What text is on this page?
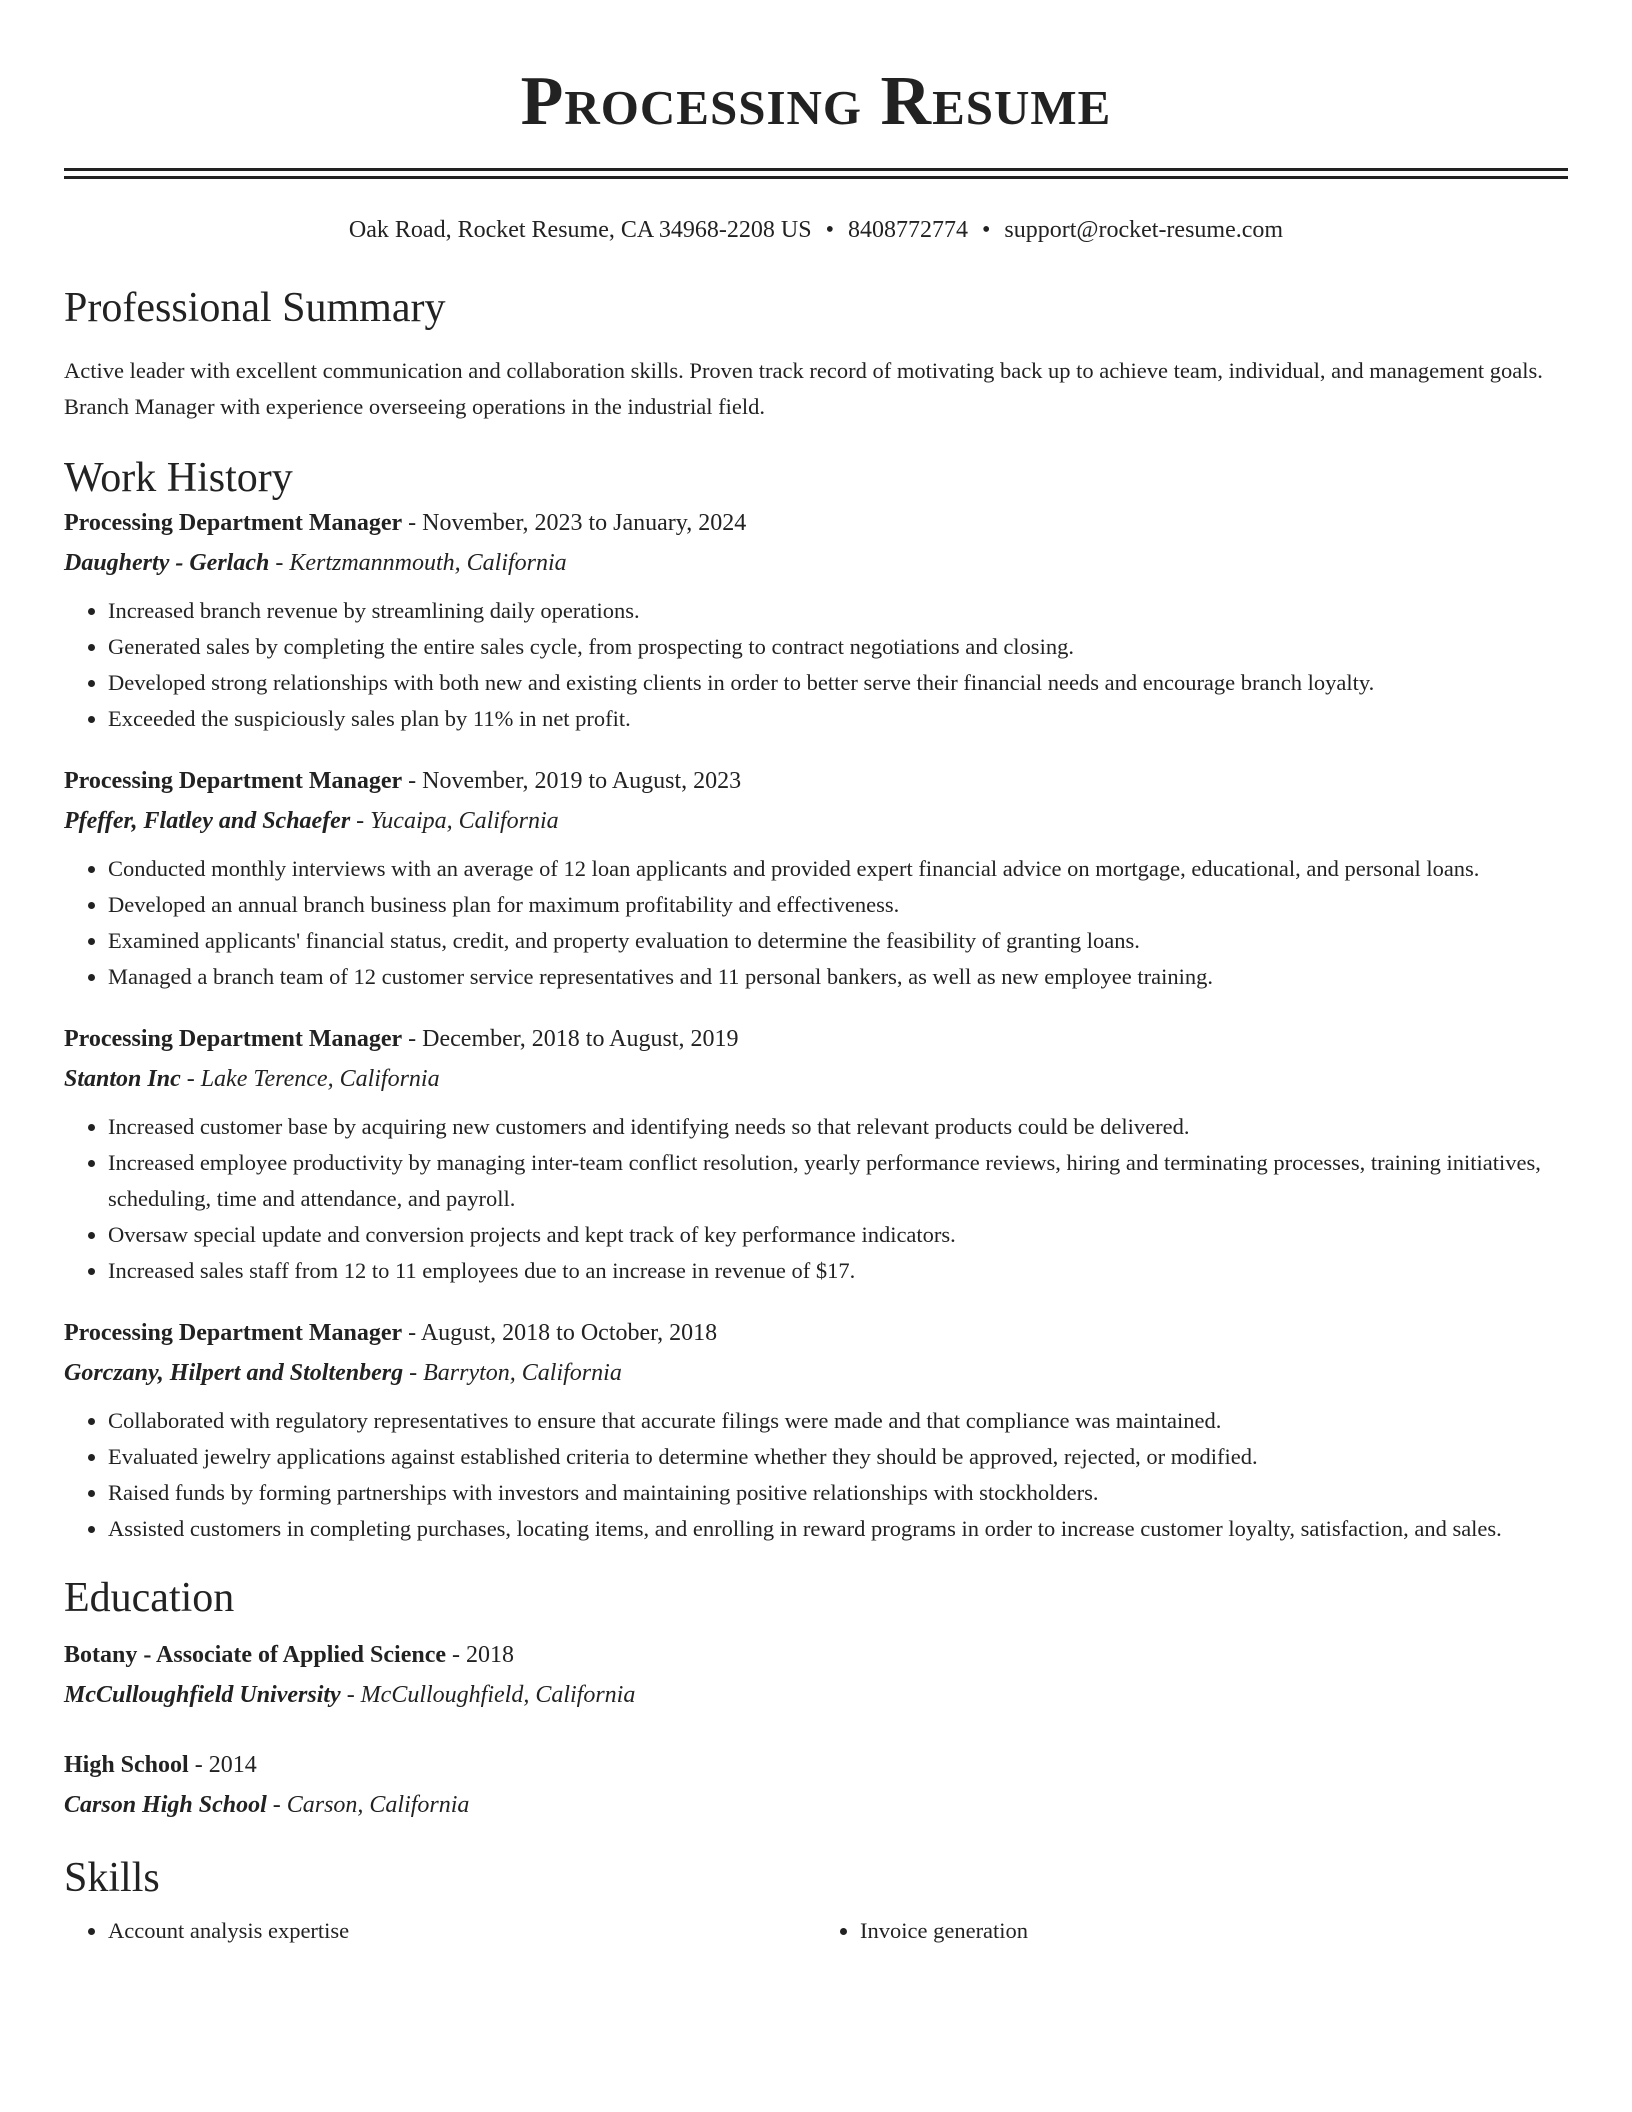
Processing Resume
Oak Road, Rocket Resume, CA 34968-2208 US • 8408772774 • support@rocket-resume.com
Professional Summary
Active leader with excellent communication and collaboration skills. Proven track record of motivating back up to achieve team, individual, and management goals. Branch Manager with experience overseeing operations in the industrial field.
Work History
Processing Department Manager - November, 2023 to January, 2024
Daugherty - Gerlach - Kertzmannmouth, California
• Increased branch revenue by streamlining daily operations.
• Generated sales by completing the entire sales cycle, from prospecting to contract negotiations and closing.
• Developed strong relationships with both new and existing clients in order to better serve their financial needs and encourage branch loyalty.
• Exceeded the suspiciously sales plan by 11% in net profit.
Processing Department Manager - November, 2019 to August, 2023
Pfeffer, Flatley and Schaefer - Yucaipa, California
• Conducted monthly interviews with an average of 12 loan applicants and provided expert financial advice on mortgage, educational, and personal loans.
• Developed an annual branch business plan for maximum profitability and effectiveness.
• Examined applicants' financial status, credit, and property evaluation to determine the feasibility of granting loans.
• Managed a branch team of 12 customer service representatives and 11 personal bankers, as well as new employee training.
Processing Department Manager - December, 2018 to August, 2019
Stanton Inc - Lake Terence, California
• Increased customer base by acquiring new customers and identifying needs so that relevant products could be delivered.
• Increased employee productivity by managing inter-team conflict resolution, yearly performance reviews, hiring and terminating processes, training initiatives, scheduling, time and attendance, and payroll.
• Oversaw special update and conversion projects and kept track of key performance indicators.
• Increased sales staff from 12 to 11 employees due to an increase in revenue of $17.
Processing Department Manager - August, 2018 to October, 2018
Gorczany, Hilpert and Stoltenberg - Barryton, California
• Collaborated with regulatory representatives to ensure that accurate filings were made and that compliance was maintained.
• Evaluated jewelry applications against established criteria to determine whether they should be approved, rejected, or modified.
• Raised funds by forming partnerships with investors and maintaining positive relationships with stockholders.
• Assisted customers in completing purchases, locating items, and enrolling in reward programs in order to increase customer loyalty, satisfaction, and sales.
Education
Botany - Associate of Applied Science - 2018
McCulloughfield University - McCulloughfield, California
High School - 2014
Carson High School - Carson, California
Skills
• Account analysis expertise
•	Invoice generation
